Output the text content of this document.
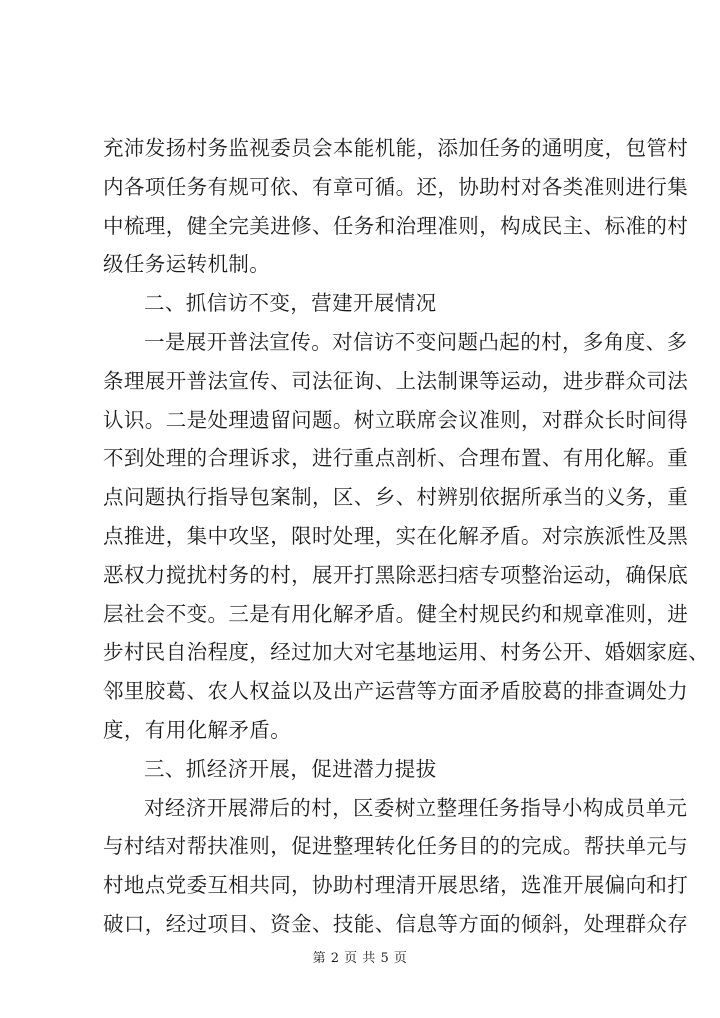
充沛发扬村务监视委员会本能机能，添加任务的通明度，包管村
内各项任务有规可依、有章可循。还，协助村对各类准则进行集
中梳理，健全完美进修、任务和治理准则，构成民主、标准的村
级任务运转机制。
二、抓信访不变，营建开展情况
一是展开普法宣传。对信访不变问题凸起的村，多角度、多
条理展开普法宣传、司法征询、上法制课等运动，进步群众司法
认识。二是处理遗留问题。树立联席会议准则，对群众长时间得
不到处理的合理诉求，进行重点剖析、合理布置、有用化解。重
点问题执行指导包案制，区、乡、村辨别依据所承当的义务，重
点推进，集中攻坚，限时处理，实在化解矛盾。对宗族派性及黑
恶权力搅扰村务的村，展开打黑除恶扫痞专项整治运动，确保底
层社会不变。三是有用化解矛盾。健全村规民约和规章准则，进
步村民自治程度，经过加大对宅基地运用、村务公开、婚姻家庭、
邻里胶葛、农人权益以及出产运营等方面矛盾胶葛的排查调处力
度，有用化解矛盾。
三、抓经济开展，促进潜力提拔
对经济开展滞后的村，区委树立整理任务指导小构成员单元
与村结对帮扶准则，促进整理转化任务目的的完成。帮扶单元与
村地点党委互相共同，协助村理清开展思绪，选准开展偏向和打
破口，经过项目、资金、技能、信息等方面的倾斜，处理群众存
第 2 页 共 5 页
